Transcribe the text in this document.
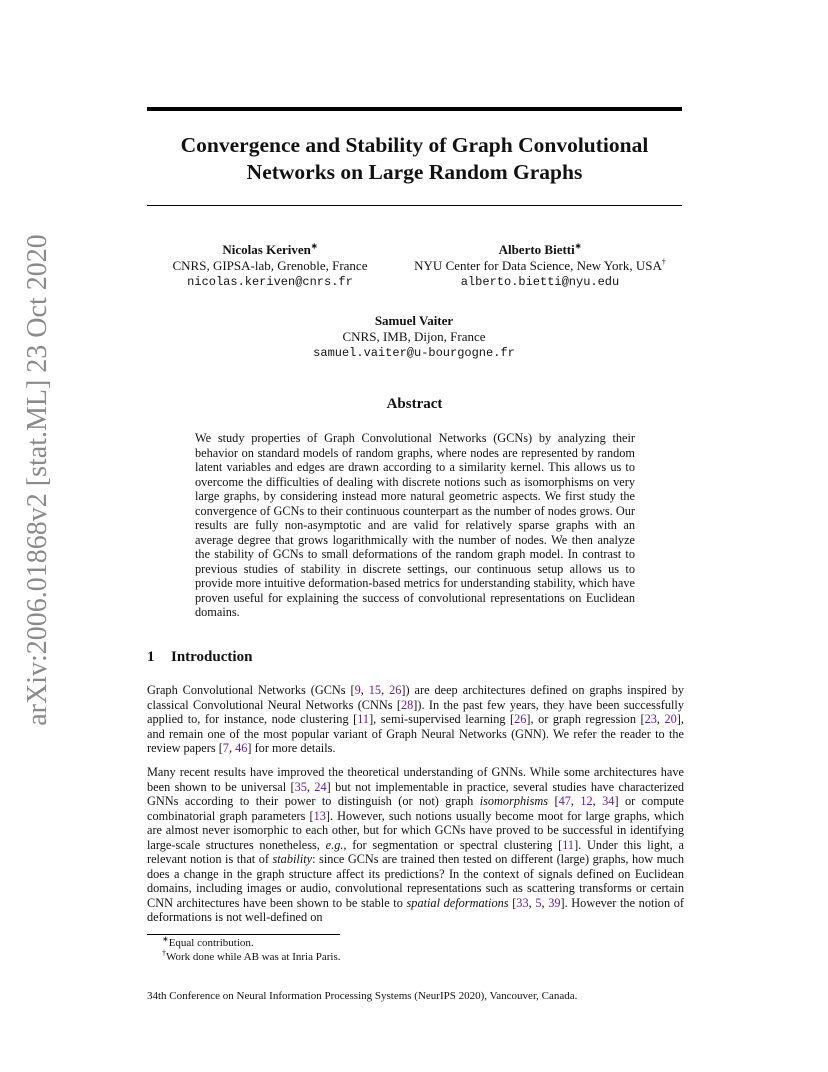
arXiv:2006.01868v2 [stat.ML] 23 Oct 2020
Convergence and Stability of Graph Convolutional
Networks on Large Random Graphs
Nicolas Keriven∗
CNRS, GIPSA-lab, Grenoble, France
nicolas.keriven@cnrs.fr
Alberto Bietti∗
NYU Center for Data Science, New York, USA†
alberto.bietti@nyu.edu
Samuel Vaiter
CNRS, IMB, Dijon, France
samuel.vaiter@u-bourgogne.fr
Abstract
We study properties of Graph Convolutional Networks (GCNs) by analyzing their behavior on standard models of random graphs, where nodes are represented by random latent variables and edges are drawn according to a similarity kernel. This allows us to overcome the difficulties of dealing with discrete notions such as isomorphisms on very large graphs, by considering instead more natural geometric aspects. We first study the convergence of GCNs to their continuous counterpart as the number of nodes grows. Our results are fully non-asymptotic and are valid for relatively sparse graphs with an average degree that grows logarithmically with the number of nodes. We then analyze the stability of GCNs to small deformations of the random graph model. In contrast to previous studies of stability in discrete settings, our continuous setup allows us to provide more intuitive deformation-based metrics for understanding stability, which have proven useful for explaining the success of convolutional representations on Euclidean domains.
1 Introduction
Graph Convolutional Networks (GCNs [9, 15, 26]) are deep architectures defined on graphs inspired by classical Convolutional Neural Networks (CNNs [28]). In the past few years, they have been successfully applied to, for instance, node clustering [11], semi-supervised learning [26], or graph regression [23, 20], and remain one of the most popular variant of Graph Neural Networks (GNN). We refer the reader to the review papers [7, 46] for more details.
Many recent results have improved the theoretical understanding of GNNs. While some architectures have been shown to be universal [35, 24] but not implementable in practice, several studies have characterized GNNs according to their power to distinguish (or not) graph isomorphisms [47, 12, 34] or compute combinatorial graph parameters [13]. However, such notions usually become moot for large graphs, which are almost never isomorphic to each other, but for which GCNs have proved to be successful in identifying large-scale structures nonetheless, e.g., for segmentation or spectral clustering [11]. Under this light, a relevant notion is that of stability: since GCNs are trained then tested on different (large) graphs, how much does a change in the graph structure affect its predictions? In the context of signals defined on Euclidean domains, including images or audio, convolutional representations such as scattering transforms or certain CNN architectures have been shown to be stable to spatial deformations [33, 5, 39]. However the notion of deformations is not well-defined on
∗Equal contribution.
†Work done while AB was at Inria Paris.
34th Conference on Neural Information Processing Systems (NeurIPS 2020), Vancouver, Canada.
